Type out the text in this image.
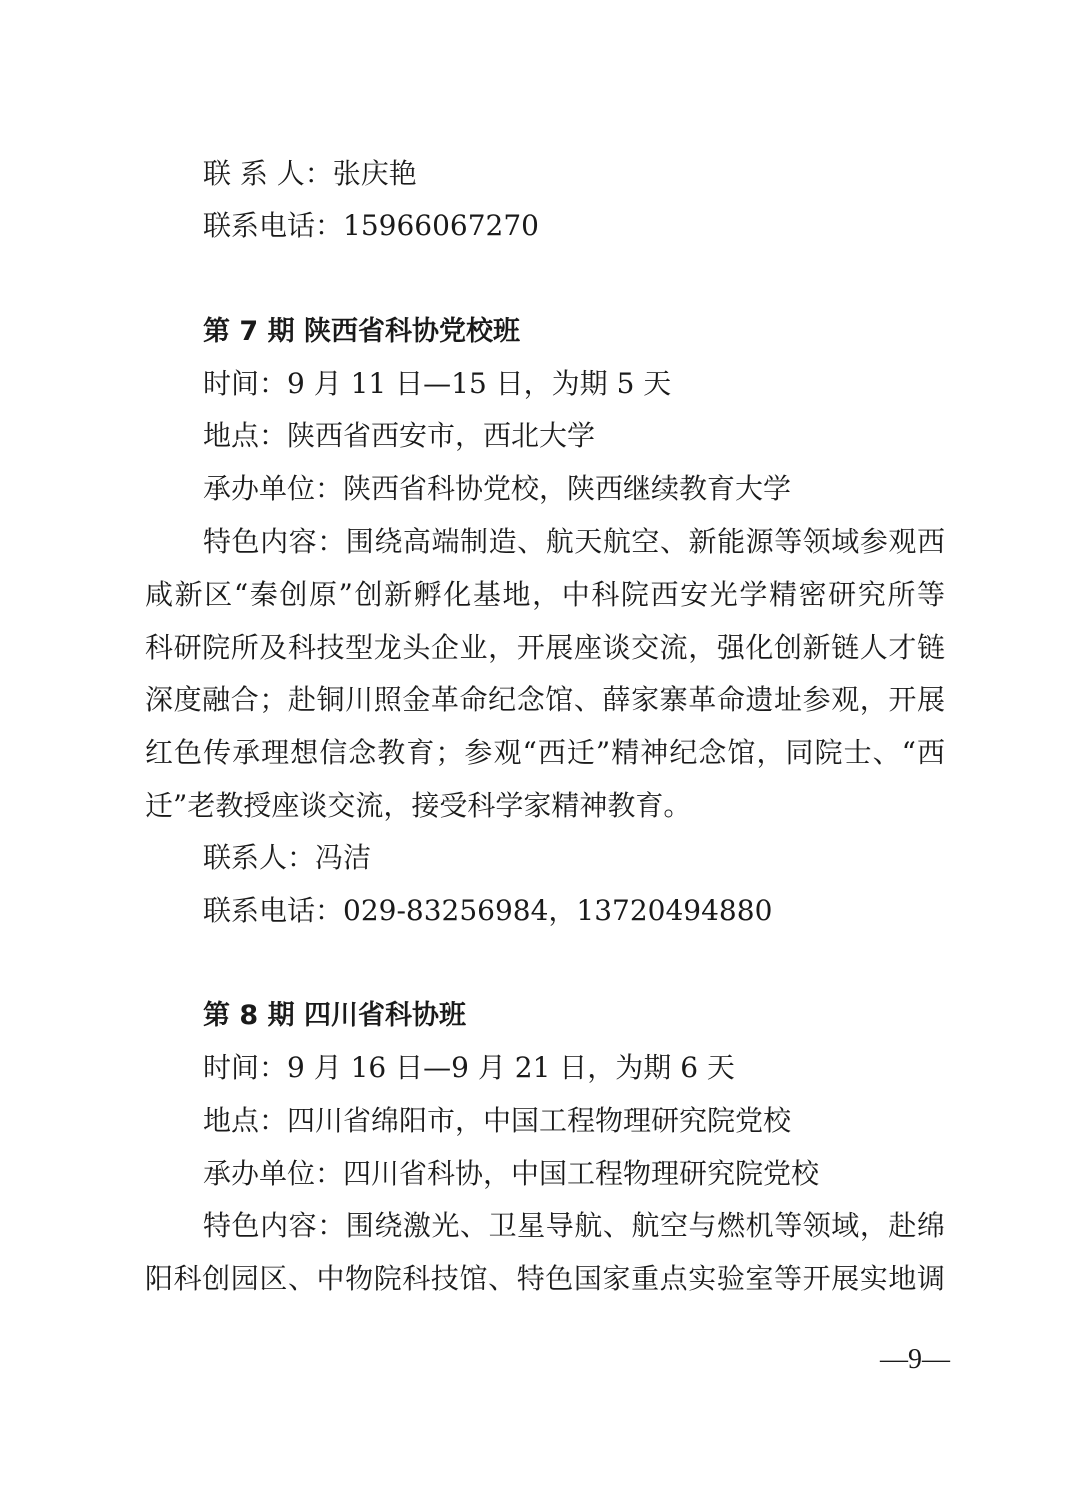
联 系 人：张庆艳
联系电话：15966067270
第 7 期 陕西省科协党校班
时间：9 月 11 日—15 日，为期 5 天
地点：陕西省西安市，西北大学
承办单位：陕西省科协党校，陕西继续教育大学
特色内容：围绕高端制造、航天航空、新能源等领域参观西
咸新区“秦创原”创新孵化基地，中科院西安光学精密研究所等
科研院所及科技型龙头企业，开展座谈交流，强化创新链人才链
深度融合；赴铜川照金革命纪念馆、薛家寨革命遗址参观，开展
红色传承理想信念教育；参观“西迁”精神纪念馆，同院士、“西
迁”老教授座谈交流，接受科学家精神教育。
联系人：冯洁
联系电话：029-83256984，13720494880
第 8 期 四川省科协班
时间：9 月 16 日—9 月 21 日，为期 6 天
地点：四川省绵阳市，中国工程物理研究院党校
承办单位：四川省科协，中国工程物理研究院党校
特色内容：围绕激光、卫星导航、航空与燃机等领域，赴绵
阳科创园区、中物院科技馆、特色国家重点实验室等开展实地调
—9—
